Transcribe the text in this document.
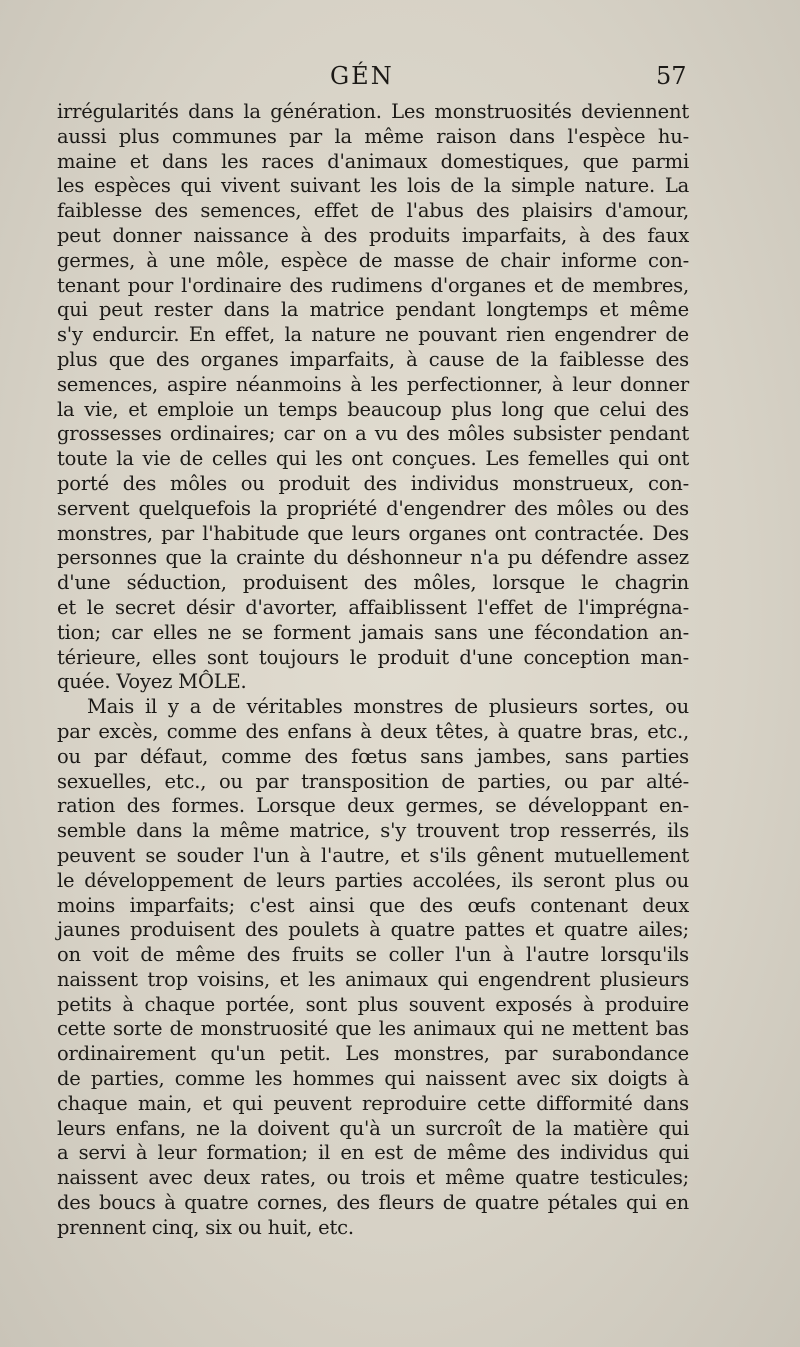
GÉN	57
irrégularités dans la génération. Les monstruosités deviennent
aussi plus communes par la même raison dans l'espèce hu-
maine et dans les races d'animaux domestiques, que parmi
les espèces qui vivent suivant les lois de la simple nature. La
faiblesse des semences, effet de l'abus des plaisirs d'amour,
peut donner naissance à des produits imparfaits, à des faux
germes, à une môle, espèce de masse de chair informe con-
tenant pour l'ordinaire des rudimens d'organes et de membres,
qui peut rester dans la matrice pendant longtemps et même
s'y endurcir. En effet, la nature ne pouvant rien engendrer de
plus que des organes imparfaits, à cause de la faiblesse des
semences, aspire néanmoins à les perfectionner, à leur donner
la vie, et emploie un temps beaucoup plus long que celui des
grossesses ordinaires; car on a vu des môles subsister pendant
toute la vie de celles qui les ont conçues. Les femelles qui ont
porté des môles ou produit des individus monstrueux, con-
servent quelquefois la propriété d'engendrer des môles ou des
monstres, par l'habitude que leurs organes ont contractée. Des
personnes que la crainte du déshonneur n'a pu défendre assez
d'une séduction, produisent des môles, lorsque le chagrin
et le secret désir d'avorter, affaiblissent l'effet de l'imprégna-
tion; car elles ne se forment jamais sans une fécondation an-
térieure, elles sont toujours le produit d'une conception man-
quée. Voyez MÔLE.
Mais il y a de véritables monstres de plusieurs sortes, ou
par excès, comme des enfans à deux têtes, à quatre bras, etc.,
ou par défaut, comme des fœtus sans jambes, sans parties
sexuelles, etc., ou par transposition de parties, ou par alté-
ration des formes. Lorsque deux germes, se développant en-
semble dans la même matrice, s'y trouvent trop resserrés, ils
peuvent se souder l'un à l'autre, et s'ils gênent mutuellement
le développement de leurs parties accolées, ils seront plus ou
moins imparfaits; c'est ainsi que des œufs contenant deux
jaunes produisent des poulets à quatre pattes et quatre ailes;
on voit de même des fruits se coller l'un à l'autre lorsqu'ils
naissent trop voisins, et les animaux qui engendrent plusieurs
petits à chaque portée, sont plus souvent exposés à produire
cette sorte de monstruosité que les animaux qui ne mettent bas
ordinairement qu'un petit. Les monstres, par surabondance
de parties, comme les hommes qui naissent avec six doigts à
chaque main, et qui peuvent reproduire cette difformité dans
leurs enfans, ne la doivent qu'à un surcroît de la matière qui
a servi à leur formation; il en est de même des individus qui
naissent avec deux rates, ou trois et même quatre testicules;
des boucs à quatre cornes, des fleurs de quatre pétales qui en
prennent cinq, six ou huit, etc.
